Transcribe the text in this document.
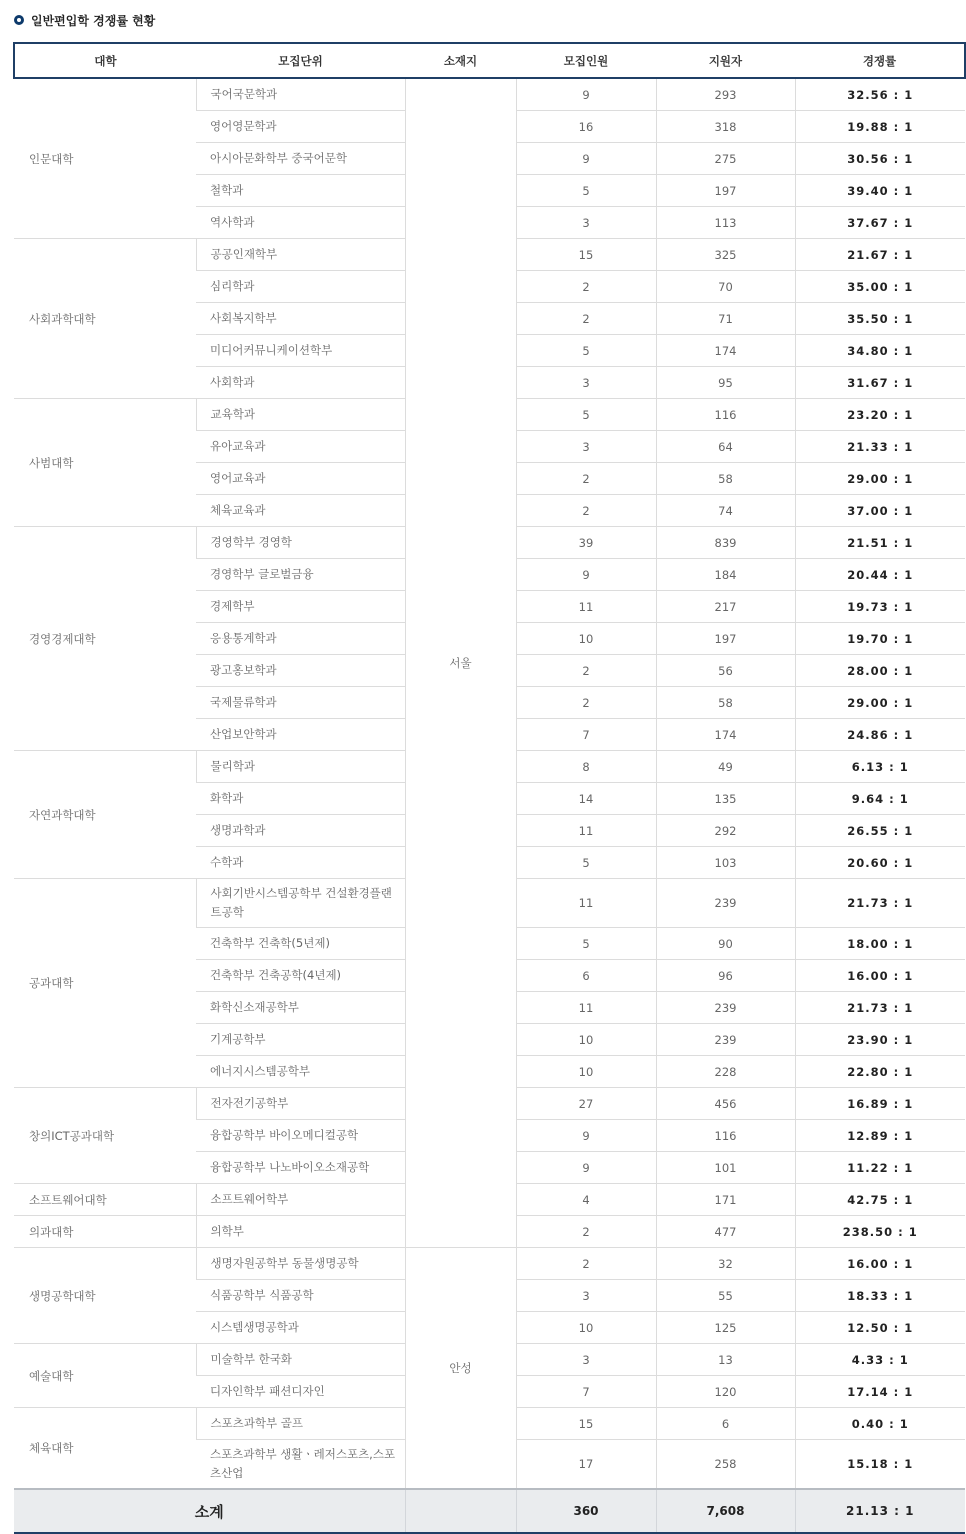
일반편입학 경쟁률 현황
대학	모집단위	소재지	모집인원	지원자	경쟁률
인문대학	국어국문학과	서울	9	293	32.56 : 1
	영어영문학과		16	318	19.88 : 1
	아시아문화학부 중국어문학		9	275	30.56 : 1
	철학과		5	197	39.40 : 1
	역사학과		3	113	37.67 : 1
사회과학대학	공공인재학부		15	325	21.67 : 1
	심리학과		2	70	35.00 : 1
	사회복지학부		2	71	35.50 : 1
	미디어커뮤니케이션학부		5	174	34.80 : 1
	사회학과		3	95	31.67 : 1
사범대학	교육학과		5	116	23.20 : 1
	유아교육과		3	64	21.33 : 1
	영어교육과		2	58	29.00 : 1
	체육교육과		2	74	37.00 : 1
경영경제대학	경영학부 경영학		39	839	21.51 : 1
	경영학부 글로벌금융		9	184	20.44 : 1
	경제학부		11	217	19.73 : 1
	응용통계학과		10	197	19.70 : 1
	광고홍보학과		2	56	28.00 : 1
	국제물류학과		2	58	29.00 : 1
	산업보안학과		7	174	24.86 : 1
자연과학대학	물리학과		8	49	6.13 : 1
	화학과		14	135	9.64 : 1
	생명과학과		11	292	26.55 : 1
	수학과		5	103	20.60 : 1
공과대학	사회기반시스템공학부 건설환경플랜트공학		11	239	21.73 : 1
	건축학부 건축학(5년제)		5	90	18.00 : 1
	건축학부 건축공학(4년제)		6	96	16.00 : 1
	화학신소재공학부		11	239	21.73 : 1
	기계공학부		10	239	23.90 : 1
	에너지시스템공학부		10	228	22.80 : 1
창의ICT공과대학	전자전기공학부		27	456	16.89 : 1
	융합공학부 바이오메디컬공학		9	116	12.89 : 1
	융합공학부 나노바이오소재공학		9	101	11.22 : 1
소프트웨어대학	소프트웨어학부		4	171	42.75 : 1
의과대학	의학부		2	477	238.50 : 1
생명공학대학	생명자원공학부 동물생명공학	안성	2	32	16.00 : 1
	식품공학부 식품공학		3	55	18.33 : 1
	시스템생명공학과		10	125	12.50 : 1
예술대학	미술학부 한국화		3	13	4.33 : 1
	디자인학부 패션디자인		7	120	17.14 : 1
체육대학	스포츠과학부 골프		15	6	0.40 : 1
	스포츠과학부 생활ㆍ레저스포츠,스포츠산업		17	258	15.18 : 1
소계			360	7,608	21.13 : 1
